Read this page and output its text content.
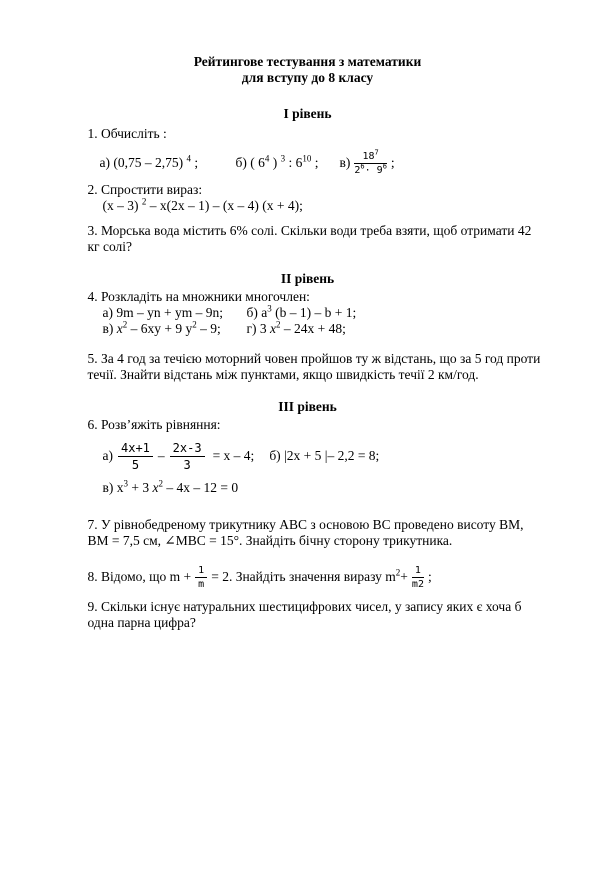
Рейтингове тестування з математики
для вступу до 8 класу
І рівень
1. Обчисліть :
а) (0,75 – 2,75) $^4$ ;	б) ( $6^4$ ) $^3$ : $6^{10}$ ;	$в) \frac{18^7}{2^6\cdot 9^6}$ ;
2. Спростити вираз:
(х – 3) $^2$ – х(2х – 1) – (х – 4) (х + 4);
3. Морська вода містить 6% солі. Скільки води треба взяти, щоб отримати 42
кг солі?
ІІ рівень
4. Розкладіть на множники многочлен:
а) 9m – yn + ym – 9n;	б) $a^3$ (b – 1) – b + 1;
в) $x^2 - 6xy + 9$ $y^2 - 9$;	г) 3 $x^2 - 24x + 48$;
5. За 4 год за течією моторний човен пройшов ту ж відстань, що за 5 год проти
течії. Знайти відстань між пунктами, якщо швидкість течії 2 км/год.
ІІІ рівень
6. Розв’яжіть рівняння:
$а) \frac{4x+1}{5} - \frac{2x-3}{3} = x - 4$; б) |2x + 5 |– 2,2 = 8;
в) $x^3 + 3$ $x^2 - 4x - 12 = 0$
7. У рівнобедреному трикутнику АВС з основою ВС проведено висоту ВМ,
ВМ = 7,5 см, ∠МВС = 15°. Знайдіть бічну сторону трикутника.
8. Відомо, що $m + \frac{1}{m} = 2$. Знайдіть значення виразу $m^2+ \frac{1}{m2}$ ;
9. Скільки існує натуральних шестицифрових чисел, у запису яких є хоча б
одна парна цифра?
